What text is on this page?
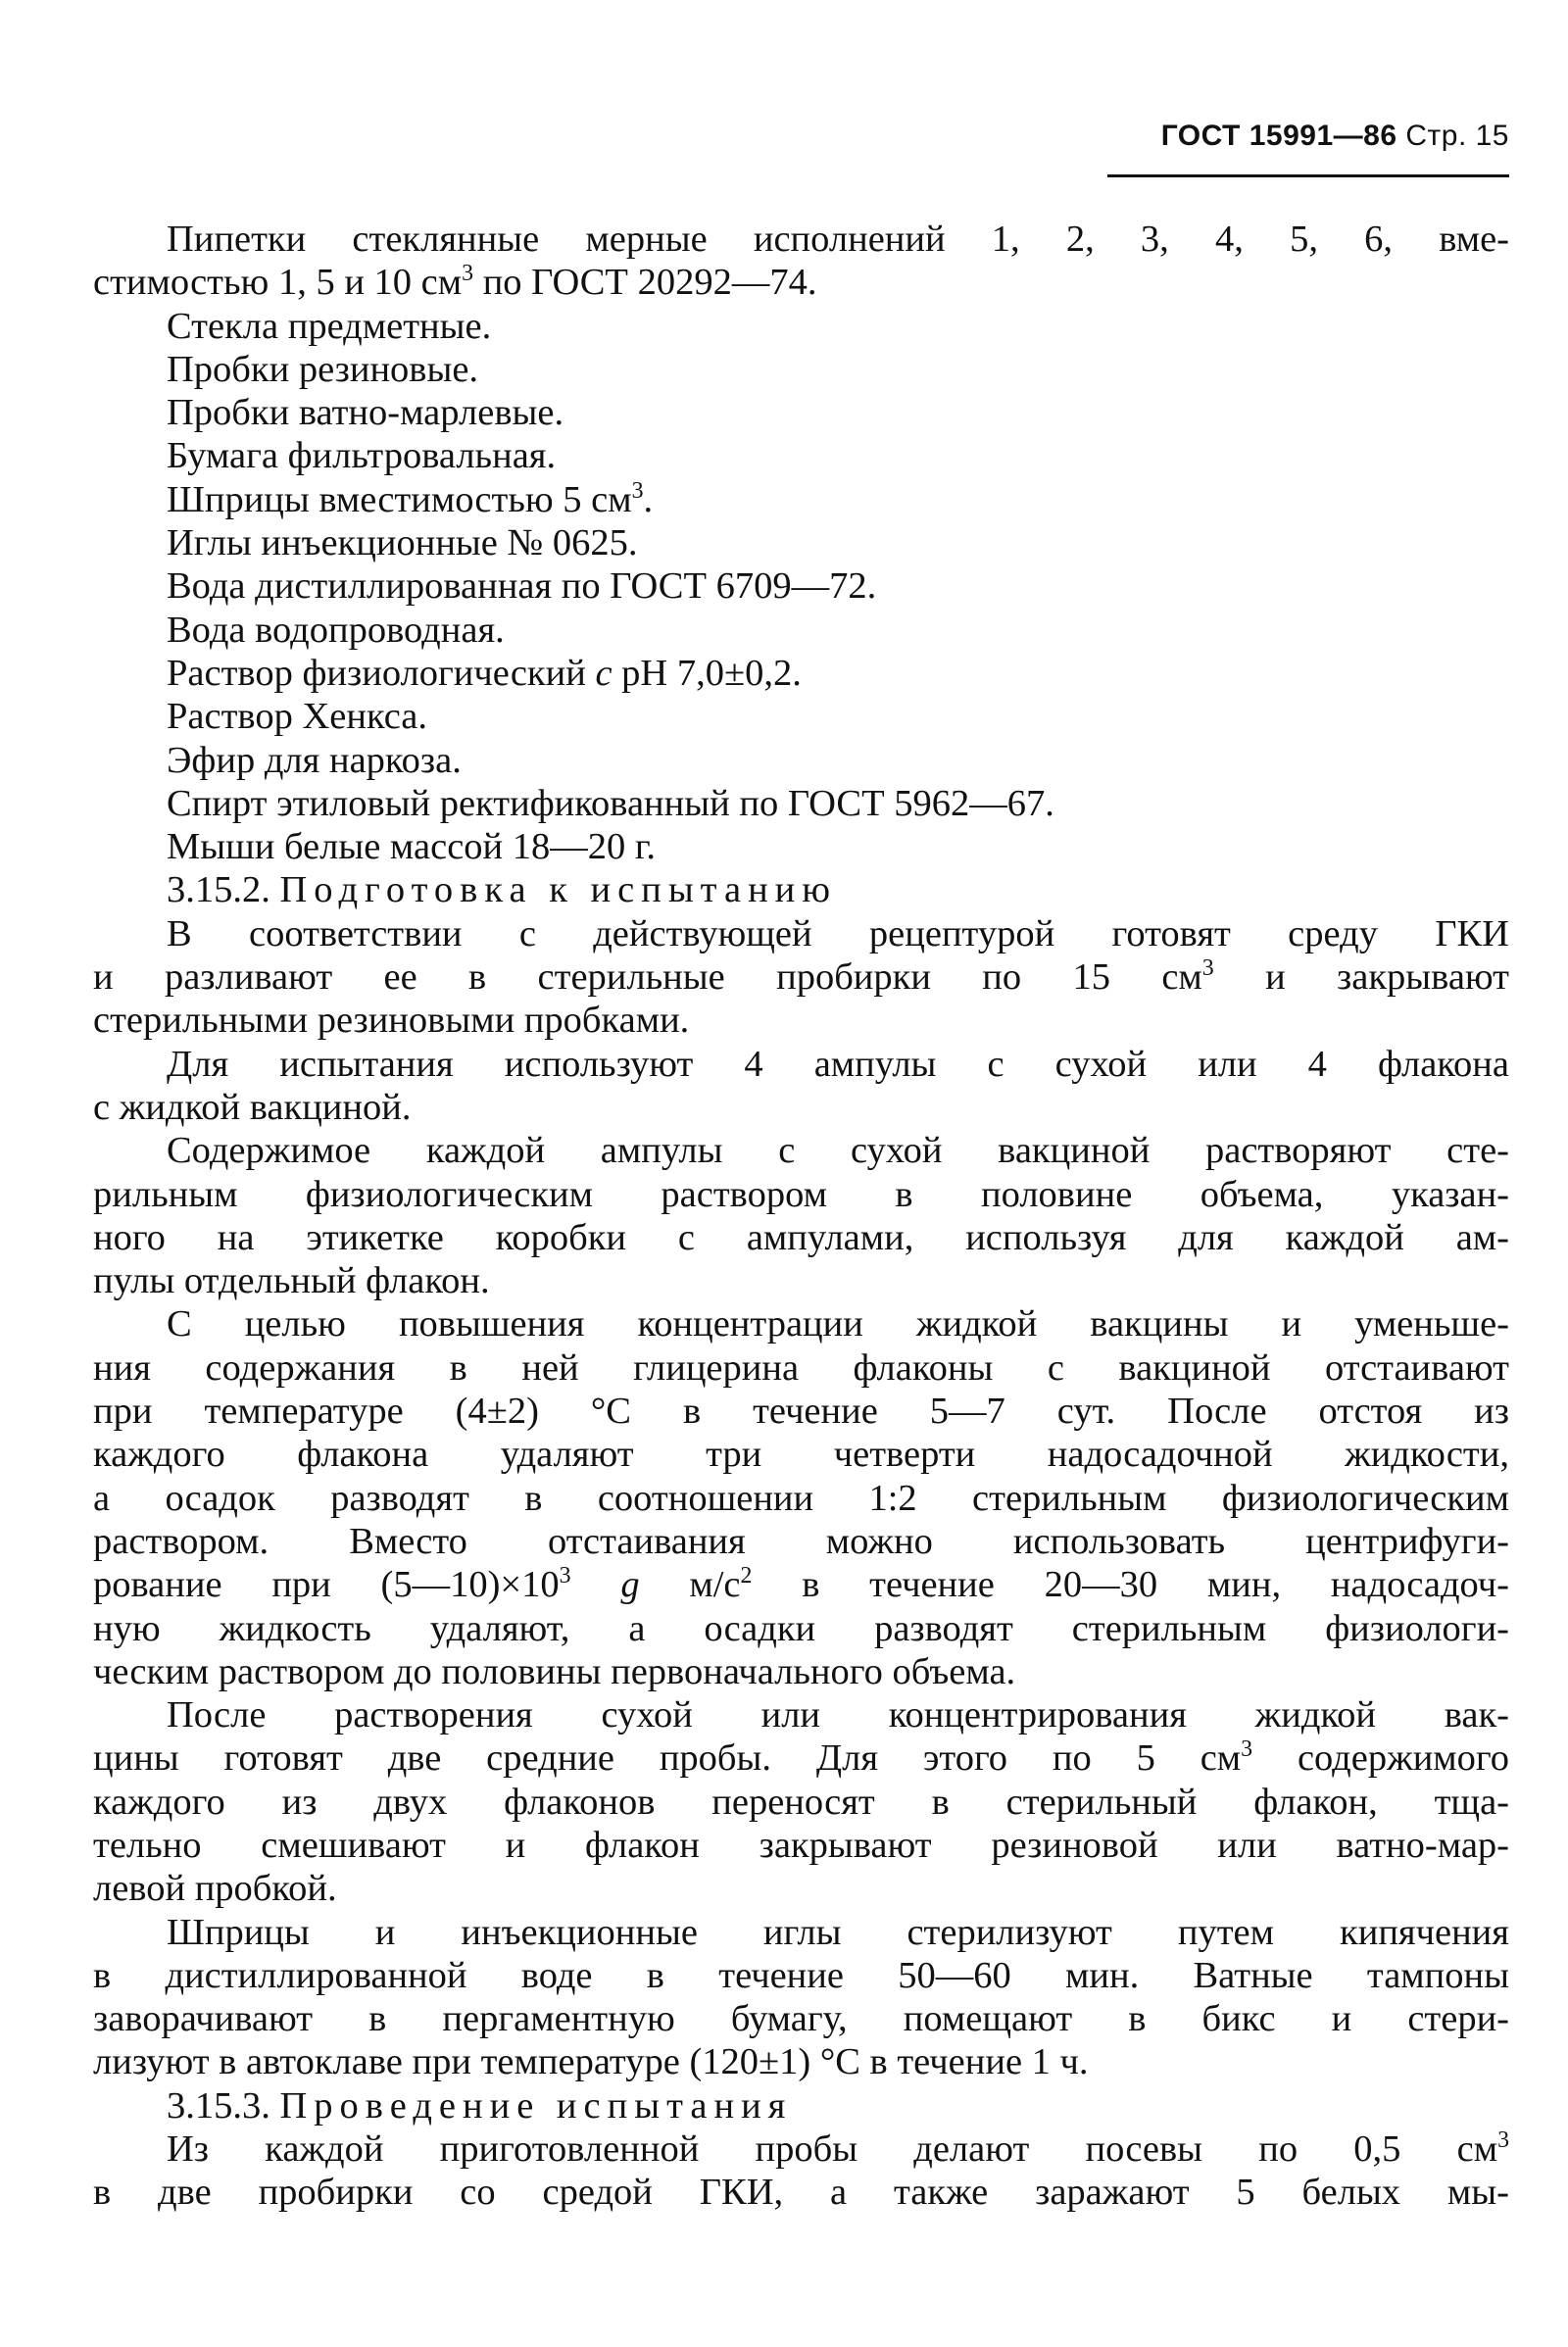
ГОСТ 15991—86 Стр. 15
Пипетки стеклянные мерные исполнений 1, 2, 3, 4, 5, 6, вме-
стимостью 1, 5 и 10 $см^3$ по ГОСТ 20292—74.
Стекла предметные.
Пробки резиновые.
Пробки ватно-марлевые.
Бумага фильтровальная.
Шприцы вместимостью 5 $см^3$.
Иглы инъекционные № 0625.
Вода дистиллированная по ГОСТ 6709—72.
Вода водопроводная.
Раствор физиологический с pH 7,0±0,2.
Раствор Хенкса.
Эфир для наркоза.
Спирт этиловый ректификованный по ГОСТ 5962—67.
Мыши белые массой 18—20 г.
3.15.2. Подготовка к испытанию
В соответствии с действующей рецептурой готовят среду ГКИ
и разливают ее в стерильные пробирки по 15 $см^3$ и закрывают
стерильными резиновыми пробками.
Для испытания используют 4 ампулы с сухой или 4 флакона
с жидкой вакциной.
Содержимое каждой ампулы с сухой вакциной растворяют сте-
рильным физиологическим раствором в половине объема, указан-
ного на этикетке коробки с ампулами, используя для каждой ам-
пулы отдельный флакон.
С целью повышения концентрации жидкой вакцины и уменьше-
ния содержания в ней глицерина флаконы с вакциной отстаивают
при температуре (4±2) °С в течение 5—7 сут. После отстоя из
каждого флакона удаляют три четверти надосадочной жидкости,
а осадок разводят в соотношении 1:2 стерильным физиологическим
раствором. Вместо отстаивания можно использовать центрифуги-
рование при $(5—10)\times 10^3$ g $м/с^2$ в течение 20—30 мин, надосадоч-
ную жидкость удаляют, а осадки разводят стерильным физиологи-
ческим раствором до половины первоначального объема.
После растворения сухой или концентрирования жидкой вак-
цины готовят две средние пробы. Для этого по 5 $см^3$ содержимого
каждого из двух флаконов переносят в стерильный флакон, тща-
тельно смешивают и флакон закрывают резиновой или ватно-мар-
левой пробкой.
Шприцы и инъекционные иглы стерилизуют путем кипячения
в дистиллированной воде в течение 50—60 мин. Ватные тампоны
заворачивают в пергаментную бумагу, помещают в бикс и стери-
лизуют в автоклаве при температуре (120±1) °С в течение 1 ч.
3.15.3. Проведение испытания
Из каждой приготовленной пробы делают посевы по 0,5 $см^3$
в две пробирки со средой ГКИ, а также заражают 5 белых мы-
